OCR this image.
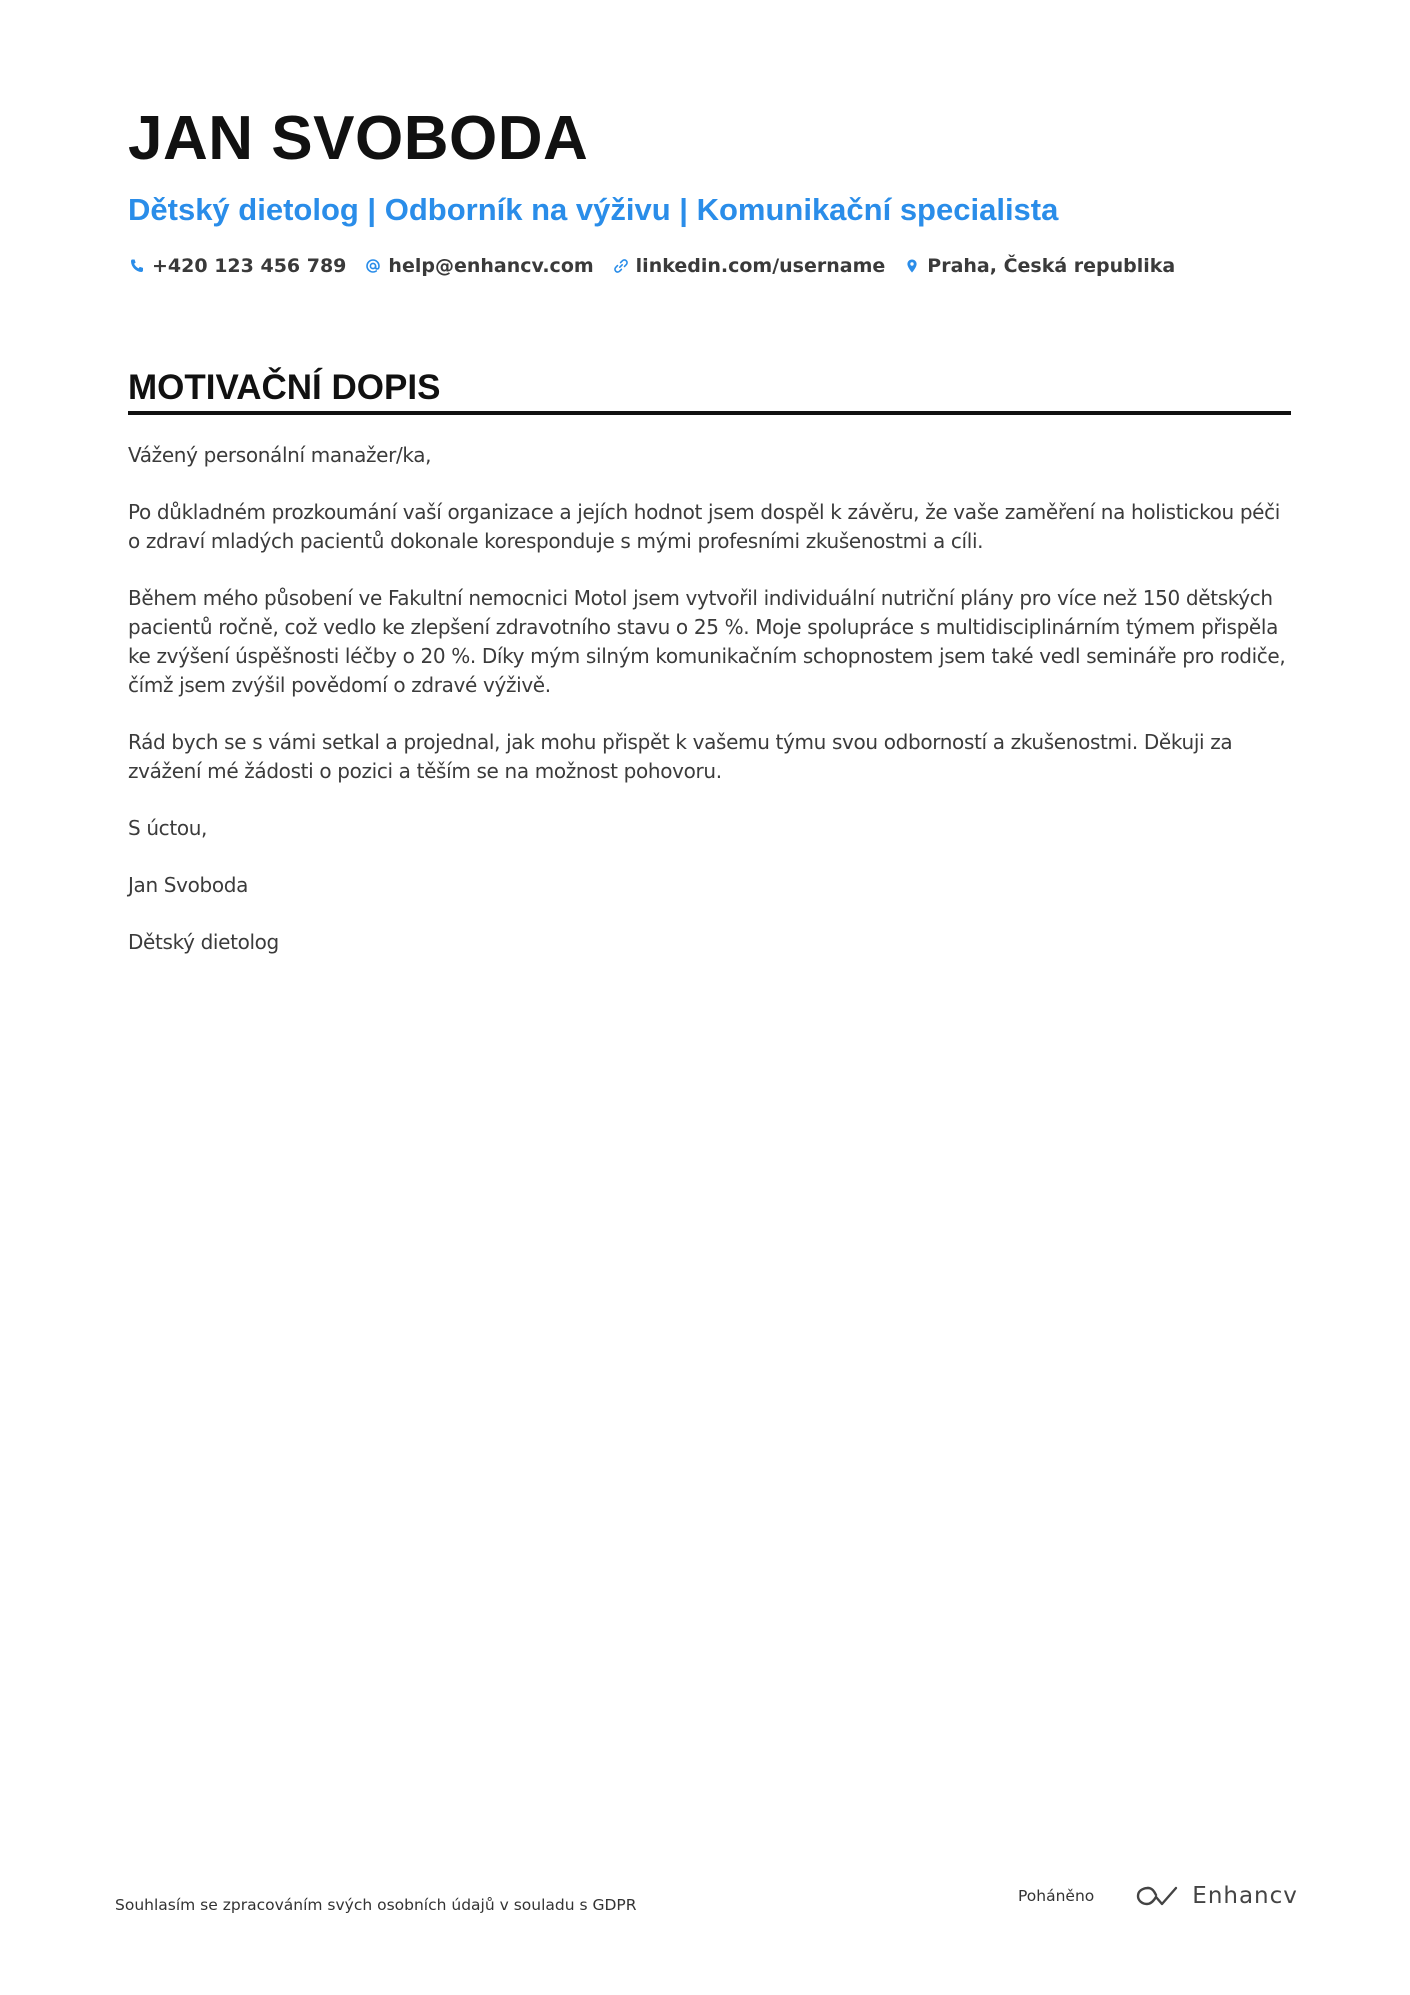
JAN SVOBODA
Dětský dietolog | Odborník na výživu | Komunikační specialista
+420 123 456 789 help@enhancv.com linkedin.com/username Praha, Česká republika
MOTIVAČNÍ DOPIS

Vážený personální manažer/ka,

Po důkladném prozkoumání vaší organizace a jejích hodnot jsem dospěl k závěru, že vaše zaměření na holistickou péči o zdraví mladých pacientů dokonale koresponduje s mými profesními zkušenostmi a cíli.

Během mého působení ve Fakultní nemocnici Motol jsem vytvořil individuální nutriční plány pro více než 150 dětských pacientů ročně, což vedlo ke zlepšení zdravotního stavu o 25 %. Moje spolupráce s multidisciplinárním týmem přispěla ke zvýšení úspěšnosti léčby o 20 %. Díky mým silným komunikačním schopnostem jsem také vedl semináře pro rodiče, čímž jsem zvýšil povědomí o zdravé výživě.

Rád bych se s vámi setkal a projednal, jak mohu přispět k vašemu týmu svou odborností a zkušenostmi. Děkuji za zvážení mé žádosti o pozici a těším se na možnost pohovoru.

S úctou,

Jan Svoboda

Dětský dietolog

Souhlasím se zpracováním svých osobních údajů v souladu s GDPR	Poháněno	Enhancv
